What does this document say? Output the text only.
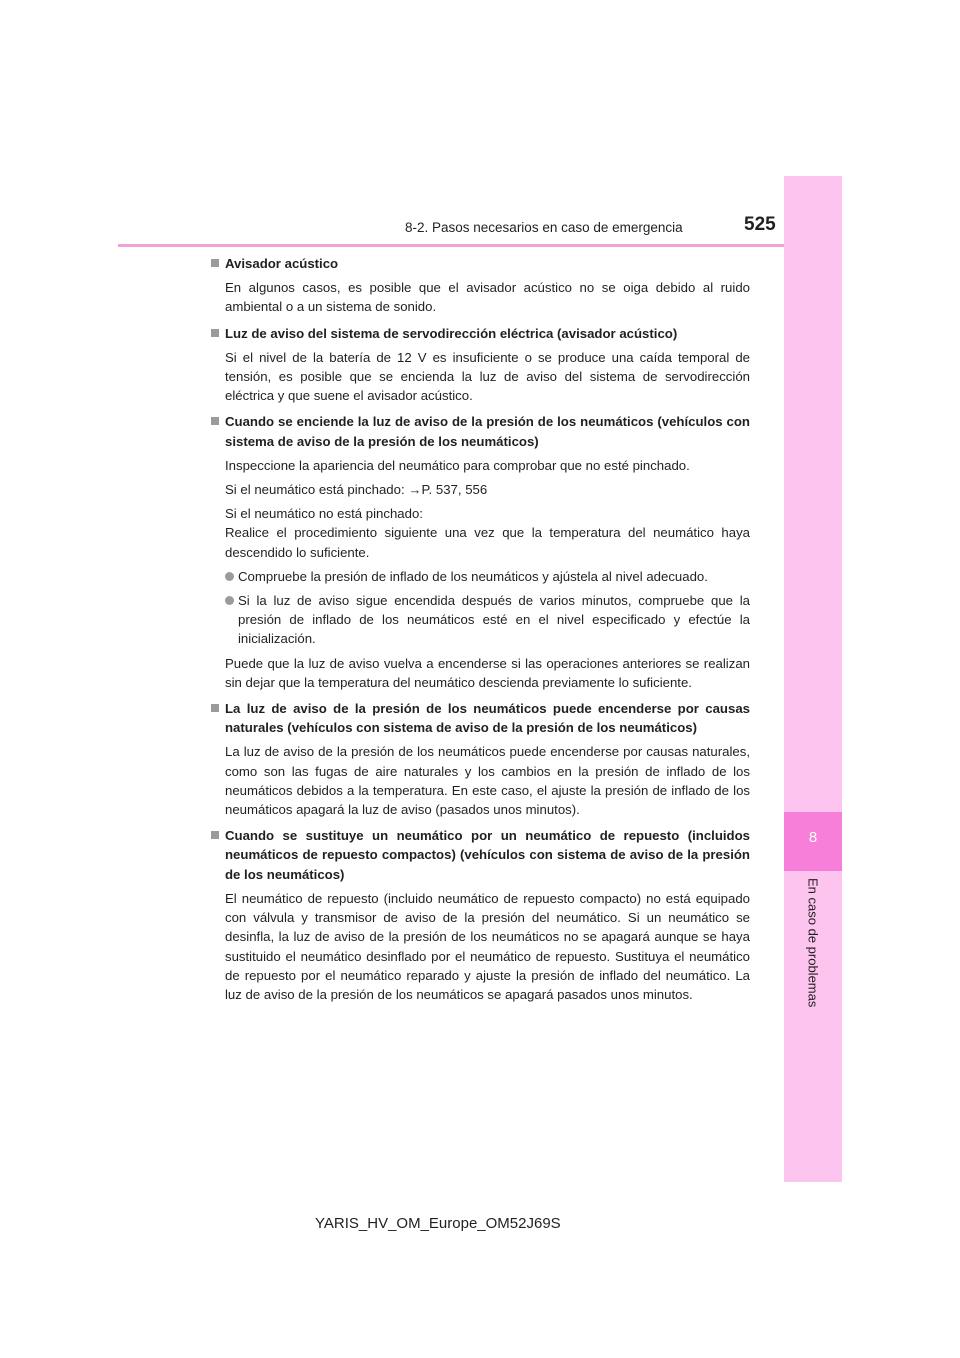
8-2. Pasos necesarios en caso de emergencia	525
8
En caso de problemas
Avisador acústico
En algunos casos, es posible que el avisador acústico no se oiga debido al ruido ambiental o a un sistema de sonido.
Luz de aviso del sistema de servodirección eléctrica (avisador acústico)
Si el nivel de la batería de 12 V es insuficiente o se produce una caída temporal de tensión, es posible que se encienda la luz de aviso del sistema de servodirección eléctrica y que suene el avisador acústico.
Cuando se enciende la luz de aviso de la presión de los neumáticos (vehículos con sistema de aviso de la presión de los neumáticos)
Inspeccione la apariencia del neumático para comprobar que no esté pinchado.
Si el neumático está pinchado: →P. 537, 556
Si el neumático no está pinchado:
Realice el procedimiento siguiente una vez que la temperatura del neumático haya descendido lo suficiente.
Compruebe la presión de inflado de los neumáticos y ajústela al nivel adecuado.
Si la luz de aviso sigue encendida después de varios minutos, compruebe que la presión de inflado de los neumáticos esté en el nivel especificado y efectúe la inicialización.
Puede que la luz de aviso vuelva a encenderse si las operaciones anteriores se realizan sin dejar que la temperatura del neumático descienda previamente lo suficiente.
La luz de aviso de la presión de los neumáticos puede encenderse por causas naturales (vehículos con sistema de aviso de la presión de los neumáticos)
La luz de aviso de la presión de los neumáticos puede encenderse por causas naturales, como son las fugas de aire naturales y los cambios en la presión de inflado de los neumáticos debidos a la temperatura. En este caso, el ajuste la presión de inflado de los neumáticos apagará la luz de aviso (pasados unos minutos).
Cuando se sustituye un neumático por un neumático de repuesto (incluidos neumáticos de repuesto compactos) (vehículos con sistema de aviso de la presión de los neumáticos)
El neumático de repuesto (incluido neumático de repuesto compacto) no está equipado con válvula y transmisor de aviso de la presión del neumático. Si un neumático se desinfla, la luz de aviso de la presión de los neumáticos no se apagará aunque se haya sustituido el neumático desinflado por el neumático de repuesto. Sustituya el neumático de repuesto por el neumático reparado y ajuste la presión de inflado del neumático. La luz de aviso de la presión de los neumáticos se apagará pasados unos minutos.
YARIS_HV_OM_Europe_OM52J69S
